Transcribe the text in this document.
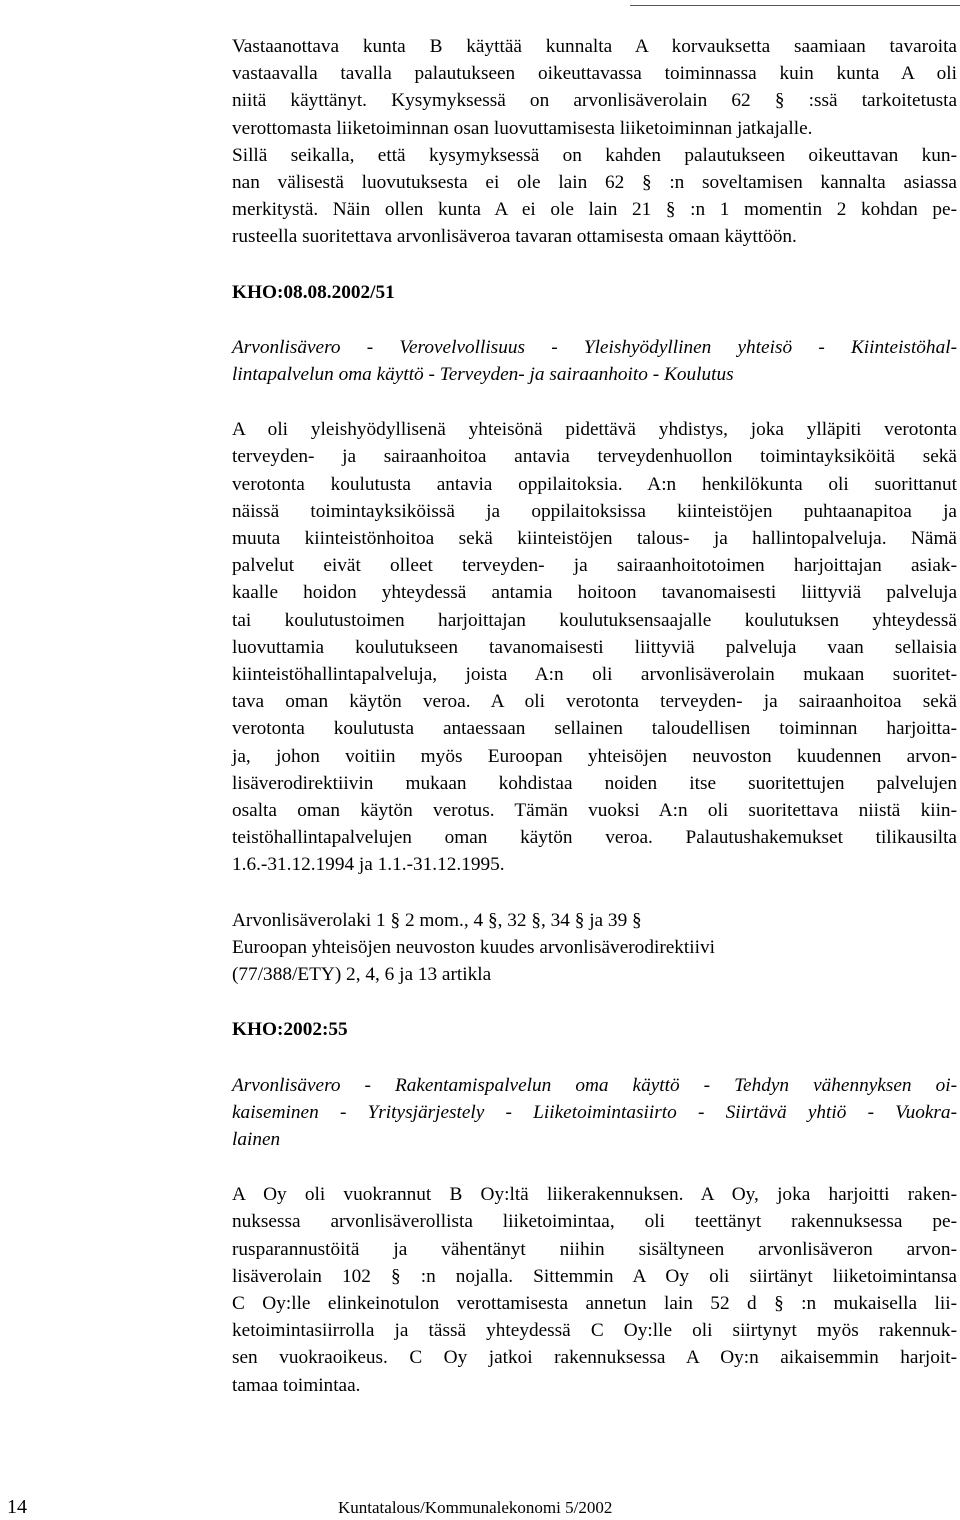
Vastaanottava kunta B käyttää kunnalta A korvauksetta saamiaan tavaroita
vastaavalla tavalla palautukseen oikeuttavassa toiminnassa kuin kunta A oli
niitä käyttänyt. Kysymyksessä on arvonlisäverolain 62 § :ssä tarkoitetusta
verottomasta liiketoiminnan osan luovuttamisesta liiketoiminnan jatkajalle.
Sillä seikalla, että kysymyksessä on kahden palautukseen oikeuttavan kun-
nan välisestä luovutuksesta ei ole lain 62 § :n soveltamisen kannalta asiassa
merkitystä. Näin ollen kunta A ei ole lain 21 § :n 1 momentin 2 kohdan pe-
rusteella suoritettava arvonlisäveroa tavaran ottamisesta omaan käyttöön.
KHO:08.08.2002/51
Arvonlisävero - Verovelvollisuus - Yleishyödyllinen yhteisö - Kiinteistöhal-
lintapalvelun oma käyttö - Terveyden- ja sairaanhoito - Koulutus
A oli yleishyödyllisenä yhteisönä pidettävä yhdistys, joka ylläpiti verotonta
terveyden- ja sairaanhoitoa antavia terveydenhuollon toimintayksiköitä sekä
verotonta koulutusta antavia oppilaitoksia. A:n henkilökunta oli suorittanut
näissä toimintayksiköissä ja oppilaitoksissa kiinteistöjen puhtaanapitoa ja
muuta kiinteistönhoitoa sekä kiinteistöjen talous- ja hallintopalveluja. Nämä
palvelut eivät olleet terveyden- ja sairaanhoitotoimen harjoittajan asiak-
kaalle hoidon yhteydessä antamia hoitoon tavanomaisesti liittyviä palveluja
tai koulutustoimen harjoittajan koulutuksensaajalle koulutuksen yhteydessä
luovuttamia koulutukseen tavanomaisesti liittyviä palveluja vaan sellaisia
kiinteistöhallintapalveluja, joista A:n oli arvonlisäverolain mukaan suoritet-
tava oman käytön veroa. A oli verotonta terveyden- ja sairaanhoitoa sekä
verotonta koulutusta antaessaan sellainen taloudellisen toiminnan harjoitta-
ja, johon voitiin myös Euroopan yhteisöjen neuvoston kuudennen arvon-
lisäverodirektiivin mukaan kohdistaa noiden itse suoritettujen palvelujen
osalta oman käytön verotus. Tämän vuoksi A:n oli suoritettava niistä kiin-
teistöhallintapalvelujen oman käytön veroa. Palautushakemukset tilikausilta
1.6.-31.12.1994 ja 1.1.-31.12.1995.
Arvonlisäverolaki 1 § 2 mom., 4 §, 32 §, 34 § ja 39 §
Euroopan yhteisöjen neuvoston kuudes arvonlisäverodirektiivi
(77/388/ETY) 2, 4, 6 ja 13 artikla
KHO:2002:55
Arvonlisävero - Rakentamispalvelun oma käyttö - Tehdyn vähennyksen oi-
kaiseminen - Yritysjärjestely - Liiketoimintasiirto - Siirtävä yhtiö - Vuokra-
lainen
A Oy oli vuokrannut B Oy:ltä liikerakennuksen. A Oy, joka harjoitti raken-
nuksessa arvonlisäverollista liiketoimintaa, oli teettänyt rakennuksessa pe-
rusparannustöitä ja vähentänyt niihin sisältyneen arvonlisäveron arvon-
lisäverolain 102 § :n nojalla. Sittemmin A Oy oli siirtänyt liiketoimintansa
C Oy:lle elinkeinotulon verottamisesta annetun lain 52 d § :n mukaisella lii-
ketoimintasiirrolla ja tässä yhteydessä C Oy:lle oli siirtynyt myös rakennuk-
sen vuokraoikeus. C Oy jatkoi rakennuksessa A Oy:n aikaisemmin harjoit-
tamaa toimintaa.
14	Kuntatalous/Kommunalekonomi 5/2002
